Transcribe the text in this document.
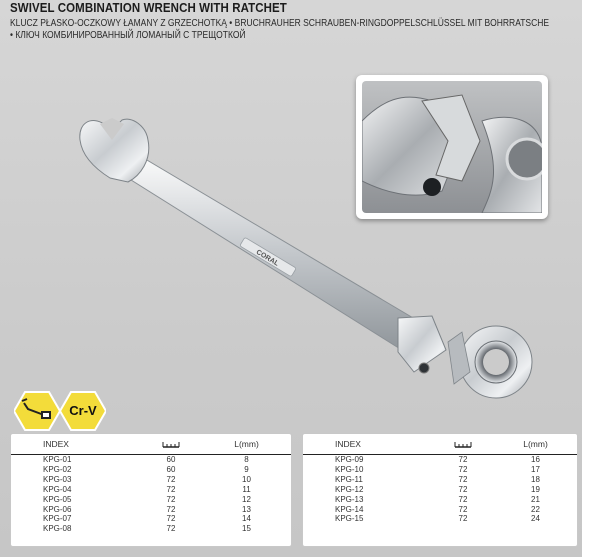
SWIVEL COMBINATION WRENCH WITH RATCHET
KLUCZ PŁASKO-OCZKOWY ŁAMANY Z GRZECHOTKĄ • BRUCHRAUHER SCHRAUBEN-RINGDOPPELSCHLÜSSEL MIT BOHRRATSCHE • КЛЮЧ КОМБИНИРОВАННЫЙ ЛОМАНЫЙ С ТРЕЩОТКОЙ
CORAL
Cr-V
INDEX		L(mm)
KPG-01	60	8
KPG-02	60	9
KPG-03	72	10
KPG-04	72	11
KPG-05	72	12
KPG-06	72	13
KPG-07	72	14
KPG-08	72	15
INDEX		L(mm)
KPG-09	72	16
KPG-10	72	17
KPG-11	72	18
KPG-12	72	19
KPG-13	72	21
KPG-14	72	22
KPG-15	72	24
